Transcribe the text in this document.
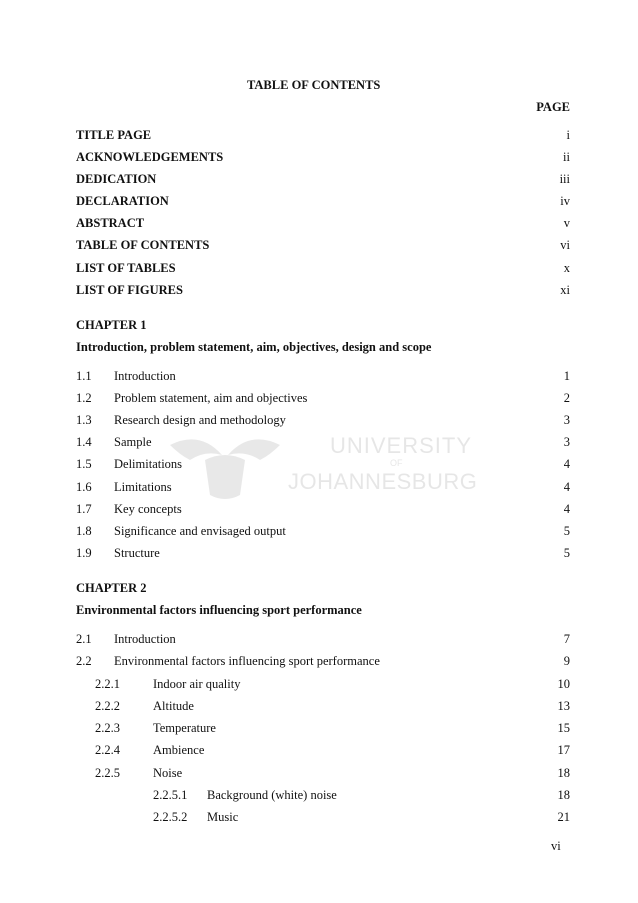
UNIVERSITY
OF
JOHANNESBURG
TABLE OF CONTENTS
PAGE
TITLE PAGE	i
ACKNOWLEDGEMENTS	ii
DEDICATION	iii
DECLARATION	iv
ABSTRACT	v
TABLE OF CONTENTS	vi
LIST OF TABLES	x
LIST OF FIGURES	xi
CHAPTER 1
Introduction, problem statement, aim, objectives, design and scope
1.1 Introduction	1
1.2 Problem statement, aim and objectives	2
1.3 Research design and methodology	3
1.4 Sample	3
1.5 Delimitations	4
1.6 Limitations	4
1.7 Key concepts	4
1.8 Significance and envisaged output	5
1.9 Structure	5
CHAPTER 2
Environmental factors influencing sport performance
2.1 Introduction	7
2.2 Environmental factors influencing sport performance	9
2.2.1	Indoor air quality	10
2.2.2	Altitude	13
2.2.3	Temperature	15
2.2.4	Ambience	17
2.2.5	Noise	18
2.2.5.1 Background (white) noise	18
2.2.5.2 Music	21
vi
